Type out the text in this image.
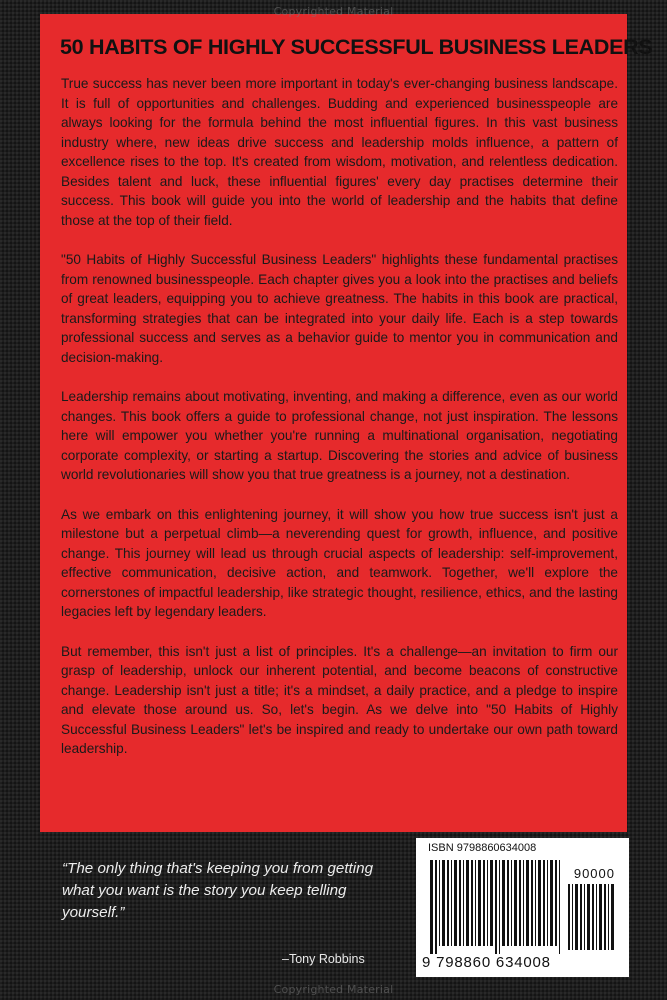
Copyrighted Material
50 HABITS OF HIGHLY SUCCESSFUL BUSINESS LEADERS

True success has never been more important in today's ever-changing business landscape. It is full of opportunities and challenges. Budding and experienced businesspeople are always looking for the formula behind the most influential figures. In this vast business industry where, new ideas drive success and leadership molds influence, a pattern of excellence rises to the top. It's created from wisdom, motivation, and relentless dedication. Besides talent and luck, these influential figures' every day practises determine their success. This book will guide you into the world of leadership and the habits that define those at the top of their field.

"50 Habits of Highly Successful Business Leaders" highlights these fundamental practises from renowned businesspeople. Each chapter gives you a look into the practises and beliefs of great leaders, equipping you to achieve greatness. The habits in this book are practical, transforming strategies that can be integrated into your daily life. Each is a step towards professional success and serves as a behavior guide to mentor you in communication and decision-making.

Leadership remains about motivating, inventing, and making a difference, even as our world changes. This book offers a guide to professional change, not just inspiration. The lessons here will empower you whether you're running a multinational organisation, negotiating corporate complexity, or starting a startup. Discovering the stories and advice of business world revolutionaries will show you that true greatness is a journey, not a destination.

As we embark on this enlightening journey, it will show you how true success isn't just a milestone but a perpetual climb—a neverending quest for growth, influence, and positive change. This journey will lead us through crucial aspects of leadership: self-improvement, effective communication, decisive action, and teamwork. Together, we'll explore the cornerstones of impactful leadership, like strategic thought, resilience, ethics, and the lasting legacies left by legendary leaders.

But remember, this isn't just a list of principles. It's a challenge—an invitation to firm our grasp of leadership, unlock our inherent potential, and become beacons of constructive change. Leadership isn't just a title; it's a mindset, a daily practice, and a pledge to inspire and elevate those around us. So, let's begin. As we delve into "50 Habits of Highly Successful Business Leaders" let's be inspired and ready to undertake our own path toward leadership.

“The only thing that's keeping you from getting what you want is the story you keep telling yourself.”

–Tony Robbins
ISBN 9798860634008
90000
9 798860 634008
Copyrighted Material
